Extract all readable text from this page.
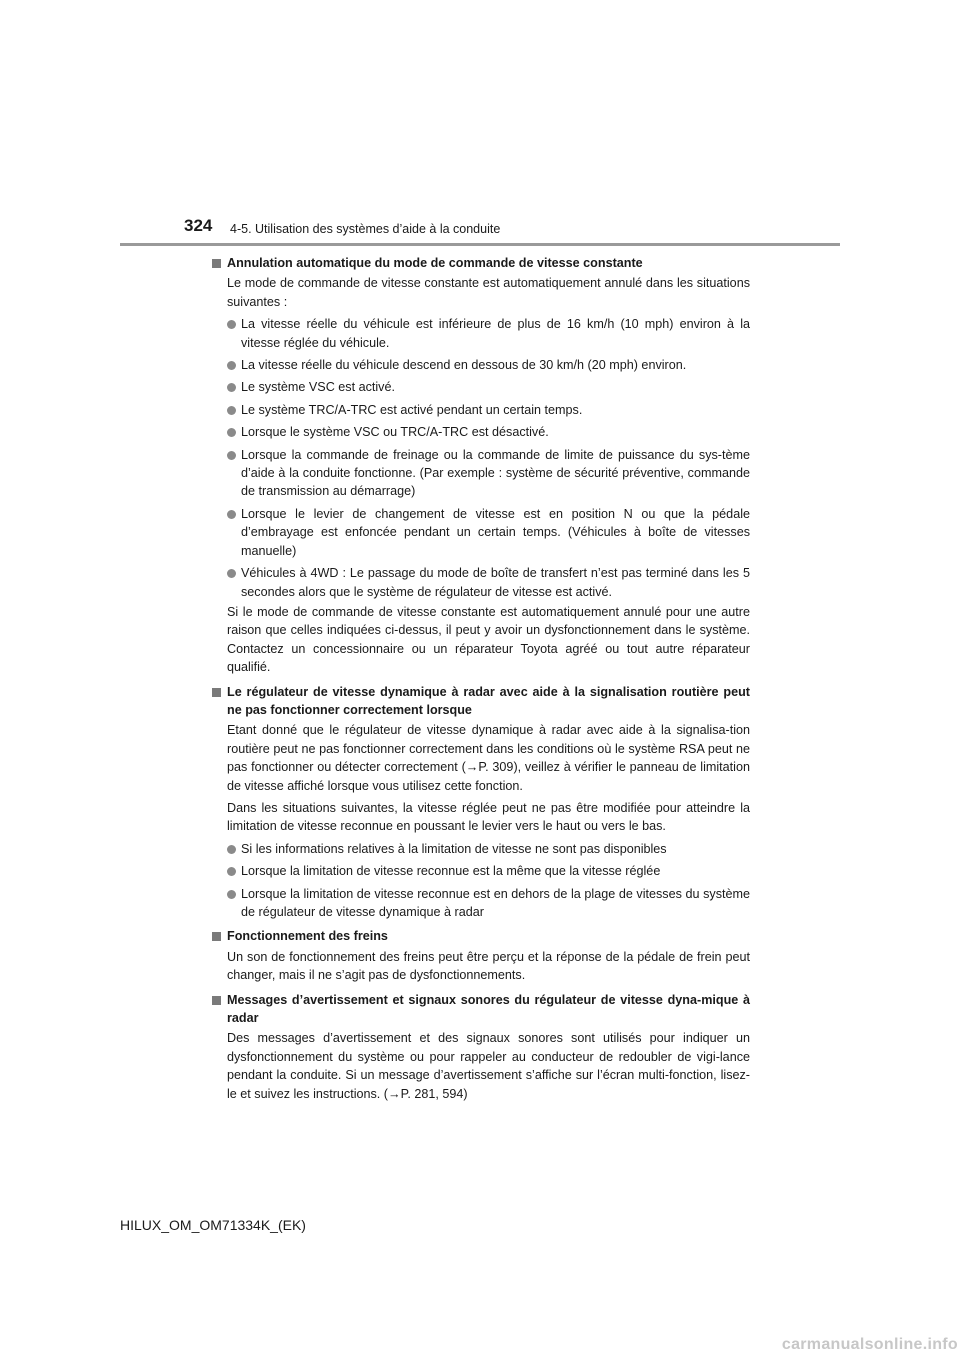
324 4-5. Utilisation des systèmes d’aide à la conduite
Annulation automatique du mode de commande de vitesse constante
Le mode de commande de vitesse constante est automatiquement annulé dans les situations suivantes :
La vitesse réelle du véhicule est inférieure de plus de 16 km/h (10 mph) environ à la vitesse réglée du véhicule.
La vitesse réelle du véhicule descend en dessous de 30 km/h (20 mph) environ.
Le système VSC est activé.
Le système TRC/A-TRC est activé pendant un certain temps.
Lorsque le système VSC ou TRC/A-TRC est désactivé.
Lorsque la commande de freinage ou la commande de limite de puissance du sys-tème d’aide à la conduite fonctionne. (Par exemple : système de sécurité préventive, commande de transmission au démarrage)
Lorsque le levier de changement de vitesse est en position N ou que la pédale d’embrayage est enfoncée pendant un certain temps. (Véhicules à boîte de vitesses manuelle)
Véhicules à 4WD : Le passage du mode de boîte de transfert n’est pas terminé dans les 5 secondes alors que le système de régulateur de vitesse est activé.
Si le mode de commande de vitesse constante est automatiquement annulé pour une autre raison que celles indiquées ci-dessus, il peut y avoir un dysfonctionnement dans le système. Contactez un concessionnaire ou un réparateur Toyota agréé ou tout autre réparateur qualifié.
Le régulateur de vitesse dynamique à radar avec aide à la signalisation routière peut ne pas fonctionner correctement lorsque
Etant donné que le régulateur de vitesse dynamique à radar avec aide à la signalisa-tion routière peut ne pas fonctionner correctement dans les conditions où le système RSA peut ne pas fonctionner ou détecter correctement (→P. 309), veillez à vérifier le panneau de limitation de vitesse affiché lorsque vous utilisez cette fonction.
Dans les situations suivantes, la vitesse réglée peut ne pas être modifiée pour atteindre la limitation de vitesse reconnue en poussant le levier vers le haut ou vers le bas.
Si les informations relatives à la limitation de vitesse ne sont pas disponibles
Lorsque la limitation de vitesse reconnue est la même que la vitesse réglée
Lorsque la limitation de vitesse reconnue est en dehors de la plage de vitesses du système de régulateur de vitesse dynamique à radar
Fonctionnement des freins
Un son de fonctionnement des freins peut être perçu et la réponse de la pédale de frein peut changer, mais il ne s’agit pas de dysfonctionnements.
Messages d’avertissement et signaux sonores du régulateur de vitesse dyna-mique à radar
Des messages d’avertissement et des signaux sonores sont utilisés pour indiquer un dysfonctionnement du système ou pour rappeler au conducteur de redoubler de vigi-lance pendant la conduite. Si un message d’avertissement s’affiche sur l’écran multi-fonction, lisez-le et suivez les instructions. (→P. 281, 594)
HILUX_OM_OM71334K_(EK)
carmanualsonline.info
